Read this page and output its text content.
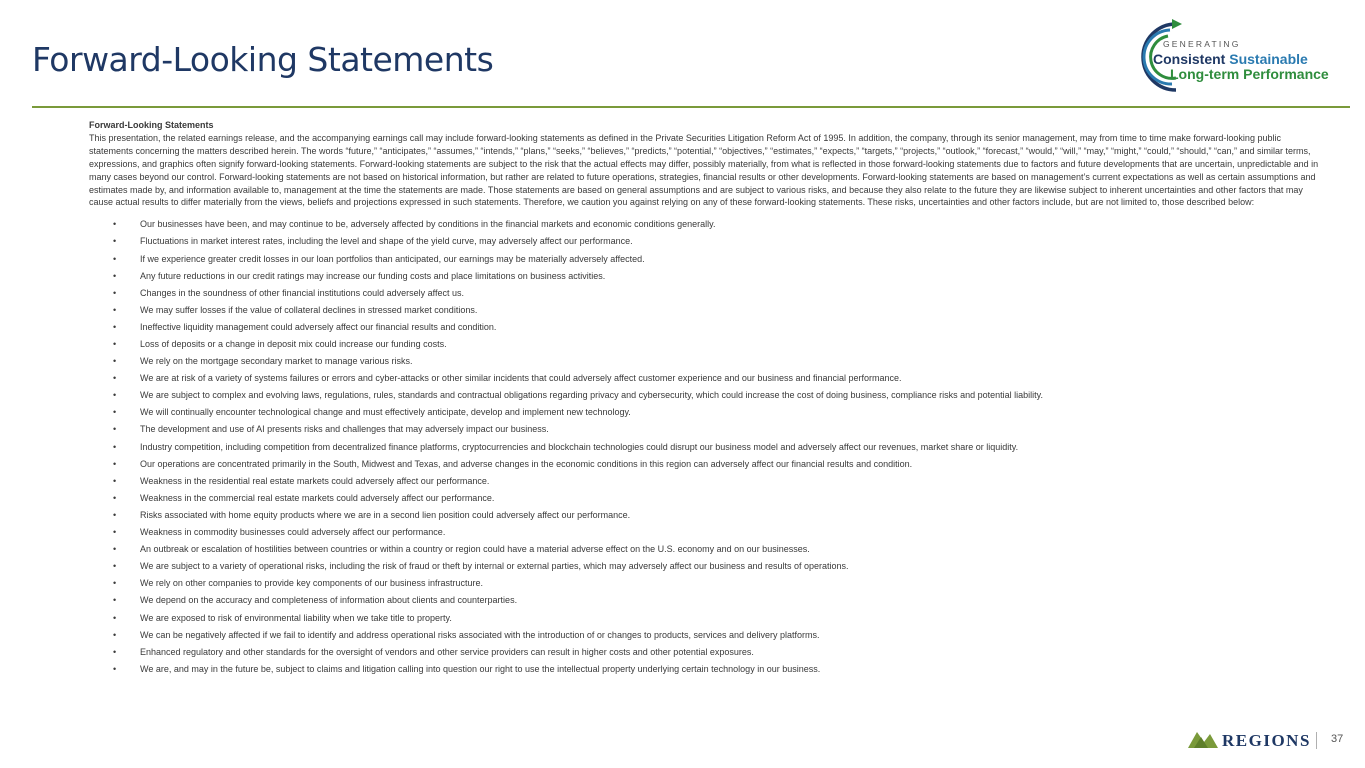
Forward-Looking Statements	GENERATING
Consistent Sustainable
Long-term Performance

Forward-Looking Statements

This presentation, the related earnings release, and the accompanying earnings call may include forward-looking statements as defined in the Private Securities Litigation Reform Act of 1995. In addition, the company, through its senior management, may from time to time make forward-looking public statements concerning the matters described herein. The words “future,” “anticipates,” “assumes,” “intends,” “plans,” “seeks,” “believes,” “predicts,” “potential,” “objectives,” “estimates,” “expects,” “targets,” “projects,” “outlook,” “forecast,” “would,” “will,” “may,” “might,” “could,” “should,” “can,” and similar terms, expressions, and graphics often signify forward-looking statements. Forward-looking statements are subject to the risk that the actual effects may differ, possibly materially, from what is reflected in those forward-looking statements due to factors and future developments that are uncertain, unpredictable and in many cases beyond our control. Forward-looking statements are not based on historical information, but rather are related to future operations, strategies, financial results or other developments. Forward-looking statements are based on management’s current expectations as well as certain assumptions and estimates made by, and information available to, management at the time the statements are made. Those statements are based on general assumptions and are subject to various risks, and because they also relate to the future they are likewise subject to inherent uncertainties and other factors that may cause actual results to differ materially from the views, beliefs and projections expressed in such statements. Therefore, we caution you against relying on any of these forward-looking statements. These risks, uncertainties and other factors include, but are not limited to, those described below:

•	Our businesses have been, and may continue to be, adversely affected by conditions in the financial markets and economic conditions generally.
•	Fluctuations in market interest rates, including the level and shape of the yield curve, may adversely affect our performance.
•	If we experience greater credit losses in our loan portfolios than anticipated, our earnings may be materially adversely affected.
•	Any future reductions in our credit ratings may increase our funding costs and place limitations on business activities.
•	Changes in the soundness of other financial institutions could adversely affect us.
•	We may suffer losses if the value of collateral declines in stressed market conditions.
•	Ineffective liquidity management could adversely affect our financial results and condition.
•	Loss of deposits or a change in deposit mix could increase our funding costs.
•	We rely on the mortgage secondary market to manage various risks.
•	We are at risk of a variety of systems failures or errors and cyber-attacks or other similar incidents that could adversely affect customer experience and our business and financial performance.
•	We are subject to complex and evolving laws, regulations, rules, standards and contractual obligations regarding privacy and cybersecurity, which could increase the cost of doing business, compliance risks and potential liability.
•	We will continually encounter technological change and must effectively anticipate, develop and implement new technology.
•	The development and use of AI presents risks and challenges that may adversely impact our business.
•	Industry competition, including competition from decentralized finance platforms, cryptocurrencies and blockchain technologies could disrupt our business model and adversely affect our revenues, market share or liquidity.
•	Our operations are concentrated primarily in the South, Midwest and Texas, and adverse changes in the economic conditions in this region can adversely affect our financial results and condition.
•	Weakness in the residential real estate markets could adversely affect our performance.
•	Weakness in the commercial real estate markets could adversely affect our performance.
•	Risks associated with home equity products where we are in a second lien position could adversely affect our performance.
•	Weakness in commodity businesses could adversely affect our performance.
•	An outbreak or escalation of hostilities between countries or within a country or region could have a material adverse effect on the U.S. economy and on our businesses.
•	We are subject to a variety of operational risks, including the risk of fraud or theft by internal or external parties, which may adversely affect our business and results of operations.
•	We rely on other companies to provide key components of our business infrastructure.
•	We depend on the accuracy and completeness of information about clients and counterparties.
•	We are exposed to risk of environmental liability when we take title to property.
•	We can be negatively affected if we fail to identify and address operational risks associated with the introduction of or changes to products, services and delivery platforms.
•	Enhanced regulatory and other standards for the oversight of vendors and other service providers can result in higher costs and other potential exposures.
•	We are, and may in the future be, subject to claims and litigation calling into question our right to use the intellectual property underlying certain technology in our business.
REGIONS 37
